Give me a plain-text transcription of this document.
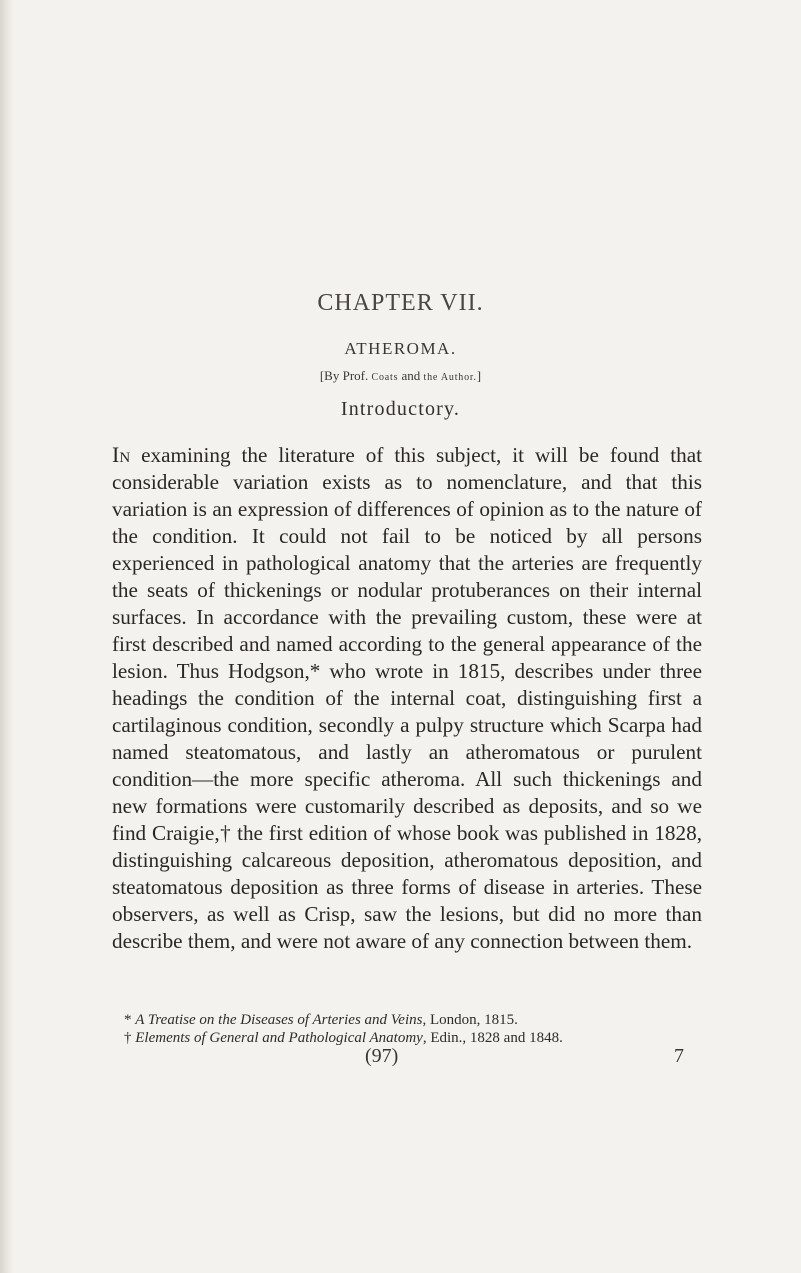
CHAPTER VII.
ATHEROMA.
[By Prof. Coats and the Author.]
Introductory.
In examining the literature of this subject, it will be found that considerable variation exists as to nomenclature, and that this variation is an expression of differences of opinion as to the nature of the condition. It could not fail to be noticed by all persons experienced in pathological anatomy that the arteries are frequently the seats of thickenings or nodular protuberances on their internal surfaces. In accordance with the prevailing custom, these were at first described and named according to the general appearance of the lesion. Thus Hodgson,* who wrote in 1815, describes under three headings the condition of the internal coat, distinguishing first a cartilaginous condition, secondly a pulpy structure which Scarpa had named steatomatous, and lastly an atheromatous or purulent condition—the more specific atheroma. All such thickenings and new formations were customarily described as deposits, and so we find Craigie,† the first edition of whose book was published in 1828, distinguishing calcareous deposition, atheromatous deposition, and steatomatous deposition as three forms of disease in arteries. These observers, as well as Crisp, saw the lesions, but did no more than describe them, and were not aware of any connection between them.
* A Treatise on the Diseases of Arteries and Veins, London, 1815.
† Elements of General and Pathological Anatomy, Edin., 1828 and 1848.
(97)	7
